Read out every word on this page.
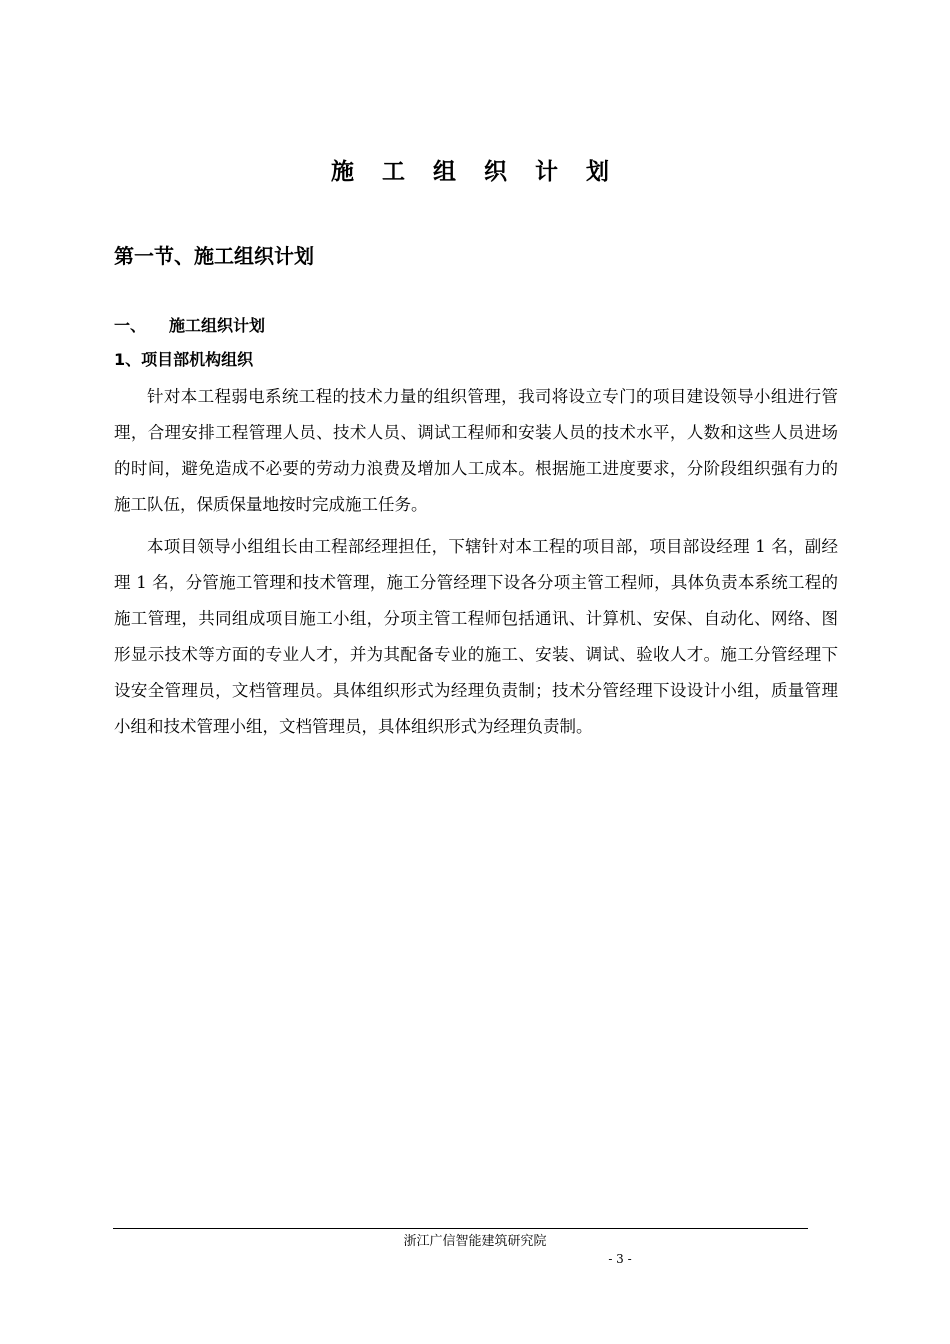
施 工 组 织 计 划
第一节、施工组织计划
一、 施工组织计划
1、项目部机构组织

针对本工程弱电系统工程的技术力量的组织管理，我司将设立专门的项目建设领导小组进行管理，合理安排工程管理人员、技术人员、调试工程师和安装人员的技术水平，人数和这些人员进场的时间，避免造成不必要的劳动力浪费及增加人工成本。根据施工进度要求，分阶段组织强有力的施工队伍，保质保量地按时完成施工任务。

本项目领导小组组长由工程部经理担任，下辖针对本工程的项目部，项目部设经理 1 名，副经理 1 名，分管施工管理和技术管理，施工分管经理下设各分项主管工程师，具体负责本系统工程的施工管理，共同组成项目施工小组，分项主管工程师包括通讯、计算机、安保、自动化、网络、图形显示技术等方面的专业人才，并为其配备专业的施工、安装、调试、验收人才。施工分管经理下设安全管理员，文档管理员。具体组织形式为经理负责制；技术分管经理下设设计小组，质量管理小组和技术管理小组，文档管理员，具体组织形式为经理负责制。

浙江广信智能建筑研究院
- 3 -
